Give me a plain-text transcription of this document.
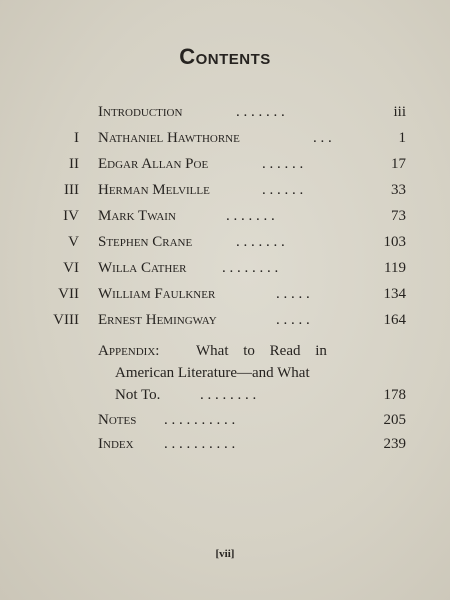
Contents
Introduction	. . . . . . .	iii
I Nathaniel Hawthorne	. . .	1
II Edgar Allan Poe	. . . . . .	17
III Herman Melville	. . . . . .	33
IV Mark Twain	. . . . . . .	73
V Stephen Crane	. . . . . . .	103
VI Willa Cather . . . . . . . .	119
VII William Faulkner	. . . . .	134
VIII Ernest Hemingway	. . . . .	164
Appendix: What to Read in
American Literature—and What
Not To.	. . . . . . . .	178
Notes . . . . . . . . . .	205
Index . . . . . . . . . .	239
[vii]
